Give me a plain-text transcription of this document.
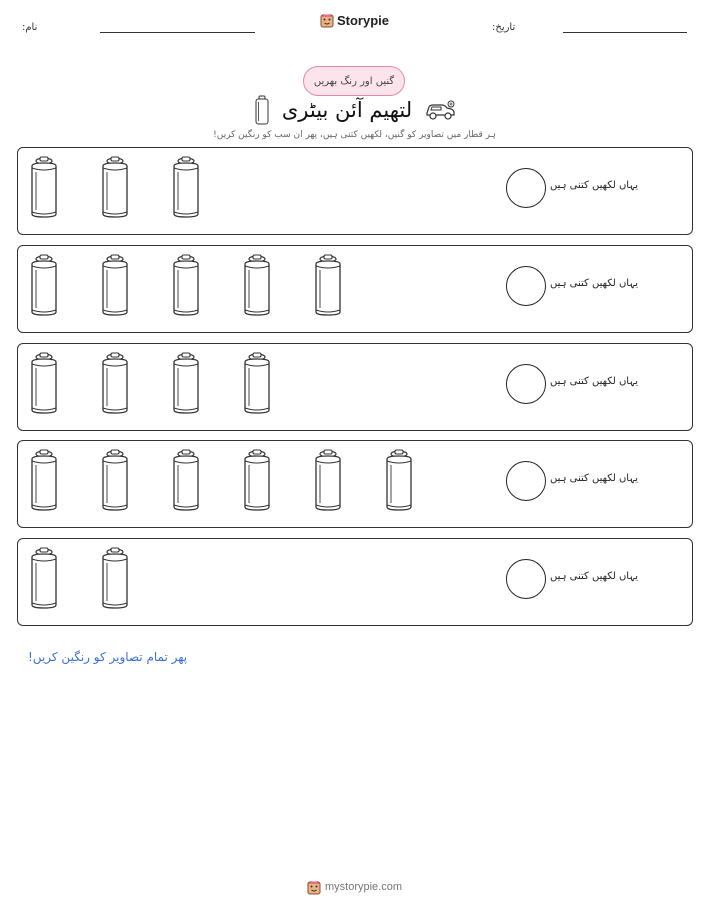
نام:	Storypie	تاریخ:
گنیں اور رنگ بھریں
لتھیم آئن بیٹری
ہر قطار میں تصاویر کو گنیں، لکھیں کتنی ہیں، پھر ان سب کو رنگین کریں!
یہاں لکھیں کتنی ہیں
یہاں لکھیں کتنی ہیں
یہاں لکھیں کتنی ہیں
یہاں لکھیں کتنی ہیں
یہاں لکھیں کتنی ہیں
پھر تمام تصاویر کو رنگین کریں!
mystorypie.com
